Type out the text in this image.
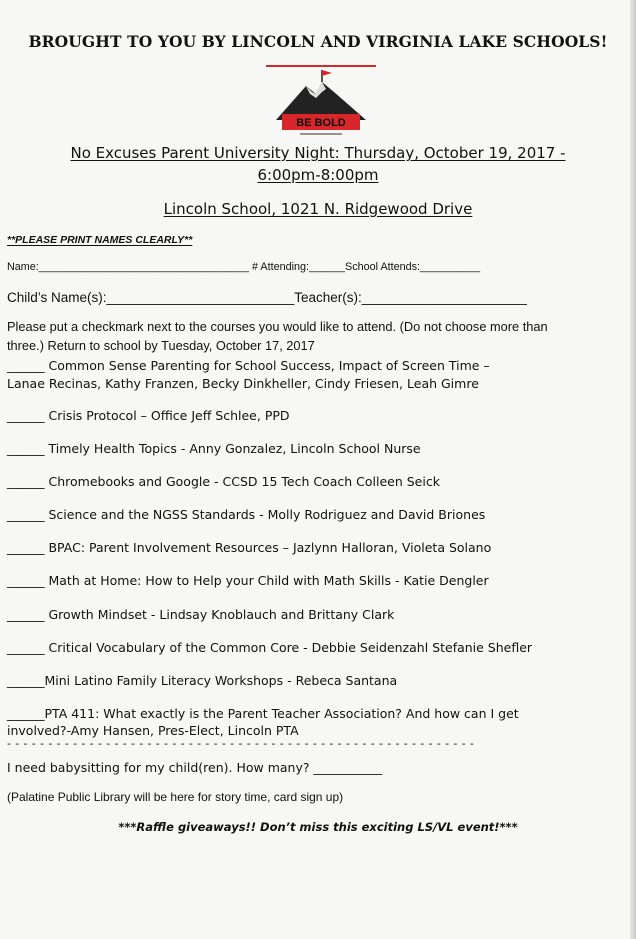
BROUGHT TO YOU BY LINCOLN AND VIRGINIA LAKE SCHOOLS!
BE BOLD
No Excuses Parent University Night: Thursday, October 19, 2017 -
6:00pm-8:00pm
Lincoln School, 1021 N. Ridgewood Drive
**PLEASE PRINT NAMES CLEARLY**
Name:___________________________________ # Attending:______School Attends:__________
Child’s Name(s):_________________________Teacher(s):______________________
Please put a checkmark next to the courses you would like to attend. (Do not choose more than
three.) Return to school by Tuesday, October 17, 2017
______ Common Sense Parenting for School Success, Impact of Screen Time –
Lanae Recinas, Kathy Franzen, Becky Dinkheller, Cindy Friesen, Leah Gimre
______ Crisis Protocol – Office Jeff Schlee, PPD
______ Timely Health Topics - Anny Gonzalez, Lincoln School Nurse
______ Chromebooks and Google - CCSD 15 Tech Coach Colleen Seick
______ Science and the NGSS Standards - Molly Rodriguez and David Briones
______ BPAC: Parent Involvement Resources – Jazlynn Halloran, Violeta Solano
______ Math at Home: How to Help your Child with Math Skills - Katie Dengler
______ Growth Mindset - Lindsay Knoblauch and Brittany Clark
______ Critical Vocabulary of the Common Core - Debbie Seidenzahl Stefanie Shefler
______Mini Latino Family Literacy Workshops - Rebeca Santana
______PTA 411: What exactly is the Parent Teacher Association? And how can I get
involved?-Amy Hansen, Pres-Elect, Lincoln PTA
- - - - - - - - - - - - - - - - - - - - - - - - - - - - - - - - - - - - - - - - - - - - - - - - - - - - - - - - -
I need babysitting for my child(ren). How many? ___________
(Palatine Public Library will be here for story time, card sign up)
***Raffle giveaways!! Don’t miss this exciting LS/VL event!***
